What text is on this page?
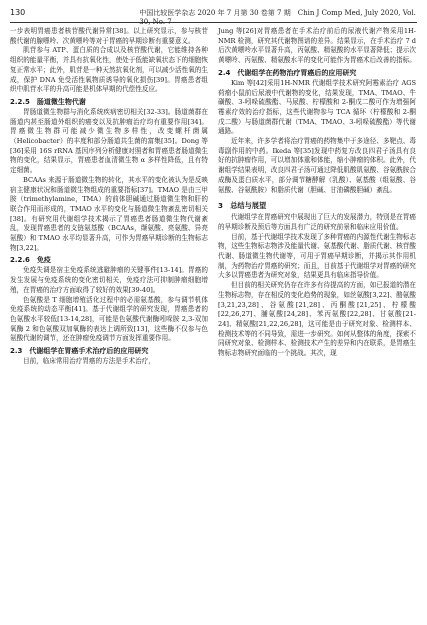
130	中国比较医学杂志 2020 年 7 月第 30 卷第 7 期　Chin J Comp Med, July 2020, Vol. 30, No. 7

一步表明胃癌患者核苷酸代谢异常[38]。以上研究显示，参与核苷酸代谢的腺嘌呤、次黄嘌呤等对于胃癌的早期诊断有重要意义。

肌苷参与 ATP、蛋白质的合成以及核苷酸代谢，它能维持各种组织的能量平衡，并具有抗氧化性，使处于低能缺氧状态下的细胞恢复正常水平；此外，肌苷是一种天然抗氧化剂，可以减少活性氧的生成，保护 DNA 免受活性氧物质诱导的氧化损伤[39]。胃癌患者组织中肌苷水平的升高可能是机体早期的代偿性反应。

2.2.5　肠道微生物代谢

胃肠道微生物群与消化系统疾病密切相关[32-33]。肠道菌群在肠道内甚至肠道外组织的癌变以及抗肿瘤治疗均有重要作用[34]。胃癌微生物群可能减少微生物多样性，改变螺杆菌属（Helicobacter）的丰度和部分肠道共生菌的富集[35]。Dong 等[36]采用 16S rRNA 基因序列分析健康对照者和胃癌患者肠道微生物的变化，结果显示，胃癌患者血清微生物 α 多样性降低，且有特定细菌。

BCAAs 来源于肠道微生物的转化，其水平的变化被认为是反映宿主健康状况和肠道微生物组成的重要指标[37]。TMAO 是由三甲胺（trimethylamine，TMA）的前体胆碱通过肠道微生物和肝的联合作用而形成的，TMAO 水平的变化与肠道微生物紊乱密切相关[38]。有研究用代谢组学技术揭示了胃癌患者肠道微生物代谢紊乱，发现胃癌患者的支链氨基酸（BCAAs，缬氨酸、亮氨酸、异亮氨酸）和 TMAO 水平均显著升高，可作为胃癌早期诊断的生物标志物[3,22]。

2.2.6　免疫

免疫失调是宿主免疫系统逃避肿瘤的关键事件[13-14]。胃癌的发生发展与免疫系统的变化密切相关，免疫疗法可抑制肿瘤细胞增殖，在胃癌的治疗方面取得了较好的效果[39-40]。

色氨酸是 T 细胞增殖活化过程中的必需氨基酸，参与调节机体免疫系统的动态平衡[41]。基于代谢组学的研究发现，胃癌患者的色氨酸水平较低[13-14,28]，可能是色氨酸代谢酶吲哚胺 2,3-双加氧酶 2 和色氨酸双加氧酶的表达上调所致[13]，这些酶不仅参与色氨酸代谢的调节，还在肿瘤免疫调节方面发挥重要作用。

2.3　代谢组学在胃癌手术治疗后的应用研究

目前，临床常用治疗胃癌的方法是手术治疗，

Jung 等[26]对胃癌患者在手术治疗前后的尿液代谢产物采用1H-NMR 检测，研究其代谢物图谱的差异。结果显示，在手术治疗 7 d 后次黄嘌呤水平显著升高，丙氨酸、精氨酸的水平显著降低；提示次黄嘌呤、丙氨酸、精氨酸水平的变化可能作为胃癌术后改善的指标。

2.4　代谢组学在药物治疗胃癌后的应用研究

Kim 等[42]采用1H-NMR 代谢组学技术研究阿霉素治疗 AGS 荷瘤小鼠前后尿液中代谢物的变化，结果发现，TMA、TMAO、牛磺酸、3-吲哚硫酸酯、马尿酸、柠檬酸和 2-酮戊二酸可作为增强阿霉素疗效的治疗指标，这些代谢物参与 TCA 循环（柠檬酸和 2-酮戊二酸）与肠道菌群代谢（TMA、TMAO、3-吲哚硫酸酯）等代谢通路。

近年来，许多学者将治疗胃癌的药物集中于多途径、多靶点、毒毒副作用的中药。Ikeda 等[35]发现中药复方改良四君子汤具有良好的抗肿瘤作用，可以增加体重和体能，缩小肿瘤的体积。此外，代谢组学结果表明，改良四君子汤可通过降低肌酸肌氨酸、谷氨酰胺合成酶及蛋白质水平，部分调节糖酵解（乳酸）、氨基酸（组氨酸、谷氨酸、谷氨酰胺）和脂质代谢（胆碱、甘油磷酸胆碱）紊乱。

3　总结与展望

代谢组学在胃癌研究中展现出了巨大的发展潜力，特别是在胃癌的早期诊断及预后等方面具有广泛的研究前景和临床应用价值。

目前，基于代谢组学技术发现了多种胃癌的内源性代谢生物标志物，这些生物标志物涉及能量代谢、氨基酸代谢、脂质代谢、核苷酸代谢、肠道微生物代谢等，可用于胃癌早期诊断，并揭示其作用机制，为药物治疗胃癌的研究；而且，目前基于代谢组学对胃癌的研究大多以胃癌患者为研究对象，结果更具有临床指导价值。

但目前的相关研究仍存在许多有待提高的方面，如已报道的潜在生物标志物，存在相反的变化趋势的现象，如丝氨酸[3,22]、酪氨酸[3,21,23,28]、谷氨酸[21,28]、丙酮酸[21,25]、柠檬酸[22,26,27]、脯氨酸[24,28]、苯丙氨酸[22,28]、甘氨酸[21-24]、精氨酸[21,22,26,28]，这可能是由于研究对象、检测样本、检测技术等的不同导致，需进一步研究。如何从整体的角度，探索不同研究对象、检测样本、检测技术产生的差异和内在联系，是胃癌生物标志物研究面临的一个挑战。其次，现
